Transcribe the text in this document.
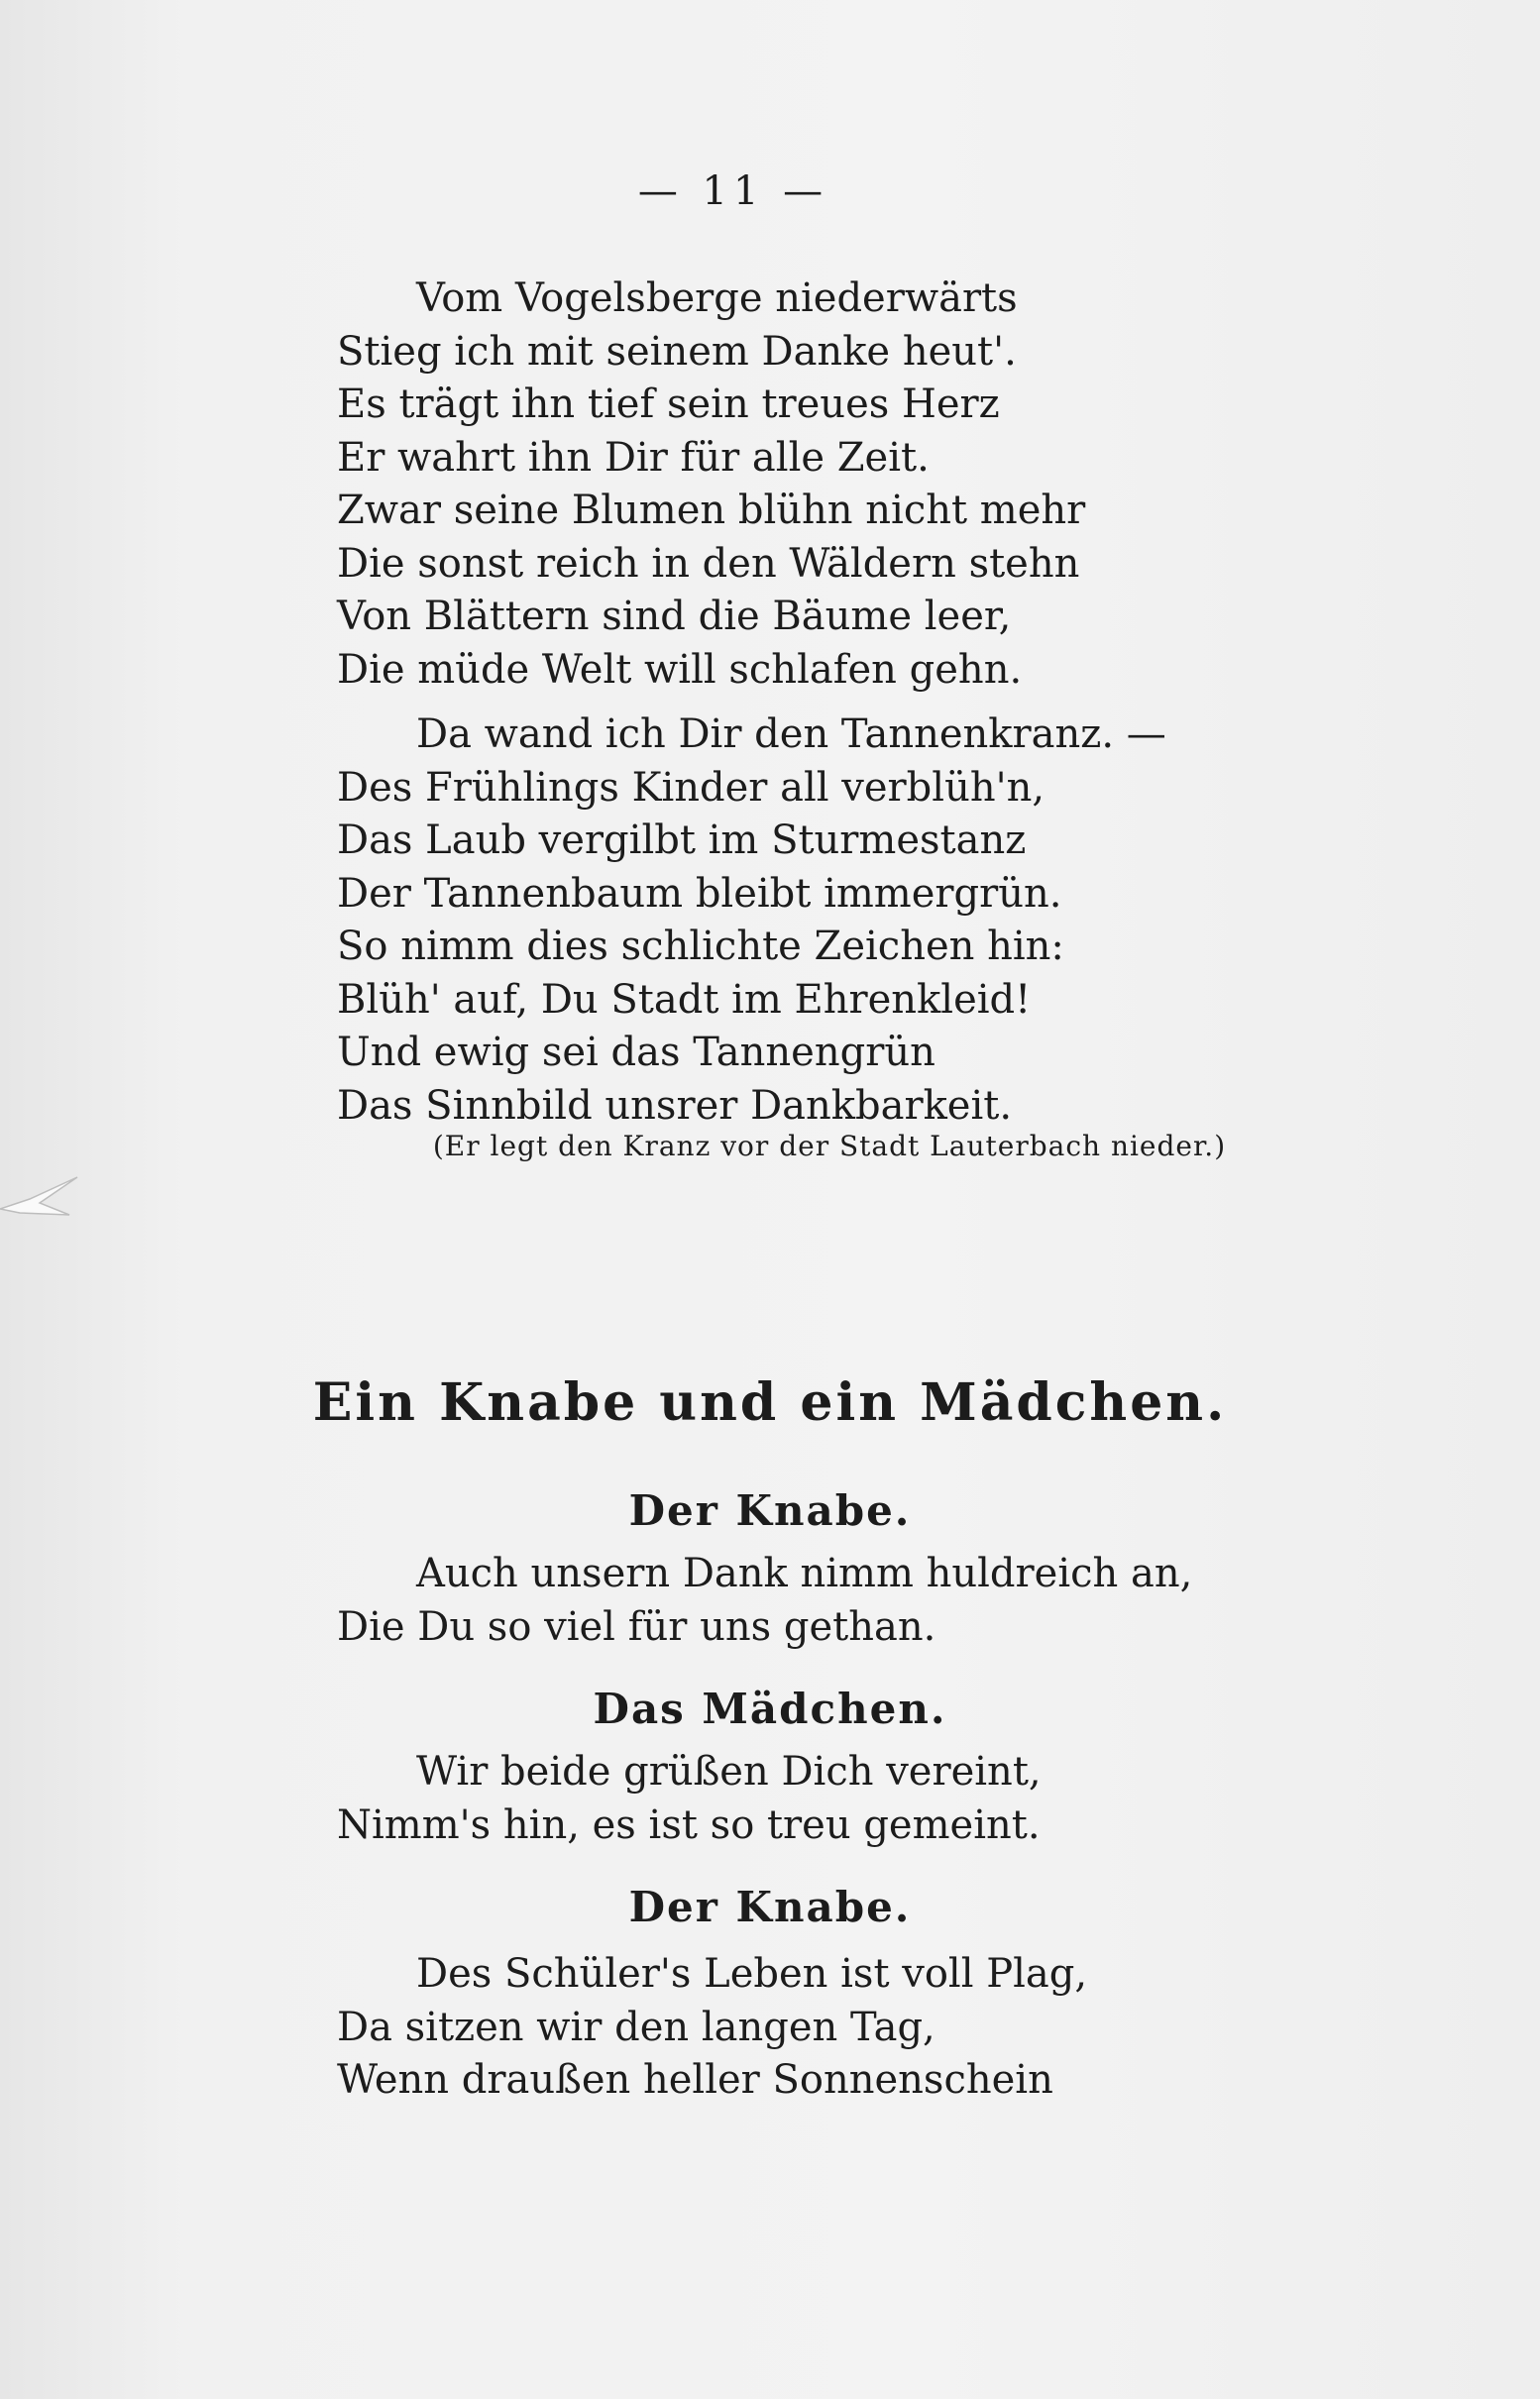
— 11 —
Vom Vogelsberge niederwärts
Stieg ich mit seinem Danke heut'.
Es trägt ihn tief sein treues Herz
Er wahrt ihn Dir für alle Zeit.
Zwar seine Blumen blühn nicht mehr
Die sonst reich in den Wäldern stehn
Von Blättern sind die Bäume leer,
Die müde Welt will schlafen gehn.
Da wand ich Dir den Tannenkranz. —
Des Frühlings Kinder all verblüh'n,
Das Laub vergilbt im Sturmestanz
Der Tannenbaum bleibt immergrün.
So nimm dies schlichte Zeichen hin:
Blüh' auf, Du Stadt im Ehrenkleid!
Und ewig sei das Tannengrün
Das Sinnbild unsrer Dankbarkeit.
(Er legt den Kranz vor der Stadt Lauterbach nieder.)
Ein Knabe und ein Mädchen.
Der Knabe.
Auch unsern Dank nimm huldreich an,
Die Du so viel für uns gethan.
Das Mädchen.
Wir beide grüßen Dich vereint,
Nimm's hin, es ist so treu gemeint.
Der Knabe.
Des Schüler's Leben ist voll Plag,
Da sitzen wir den langen Tag,
Wenn draußen heller Sonnenschein
